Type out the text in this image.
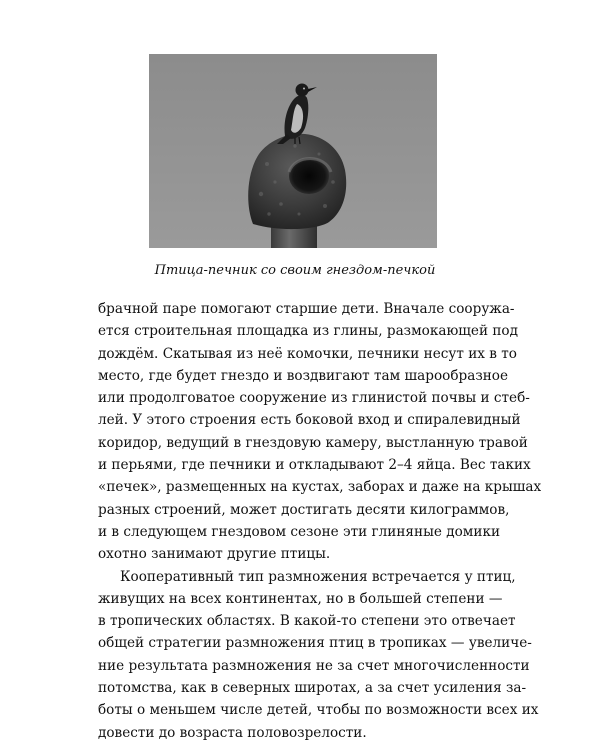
Птица-печник со своим гнездом-печкой

брачной паре помогают старшие дети. Вначале сооружа-
ется строительная площадка из глины, размокающей под
дождём. Скатывая из неё комочки, печники несут их в то
место, где будет гнездо и воздвигают там шарообразное
или продолговатое сооружение из глинистой почвы и стеб-
лей. У этого строения есть боковой вход и спиралевидный
коридор, ведущий в гнездовую камеру, выстланную травой
и перьями, где печники и откладывают 2–4 яйца. Вес таких
«печек», размещенных на кустах, заборах и даже на крышах
разных строений, может достигать десяти килограммов,
и в следующем гнездовом сезоне эти глиняные домики
охотно занимают другие птицы.

Кооперативный тип размножения встречается у птиц,
живущих на всех континентах, но в большей степени —
в тропических областях. В какой-то степени это отвечает
общей стратегии размножения птиц в тропиках — увеличе-
ние результата размножения не за счет многочисленности
потомства, как в северных широтах, а за счет усиления за-
боты о меньшем числе детей, чтобы по возможности всех их
довести до возраста половозрелости.
